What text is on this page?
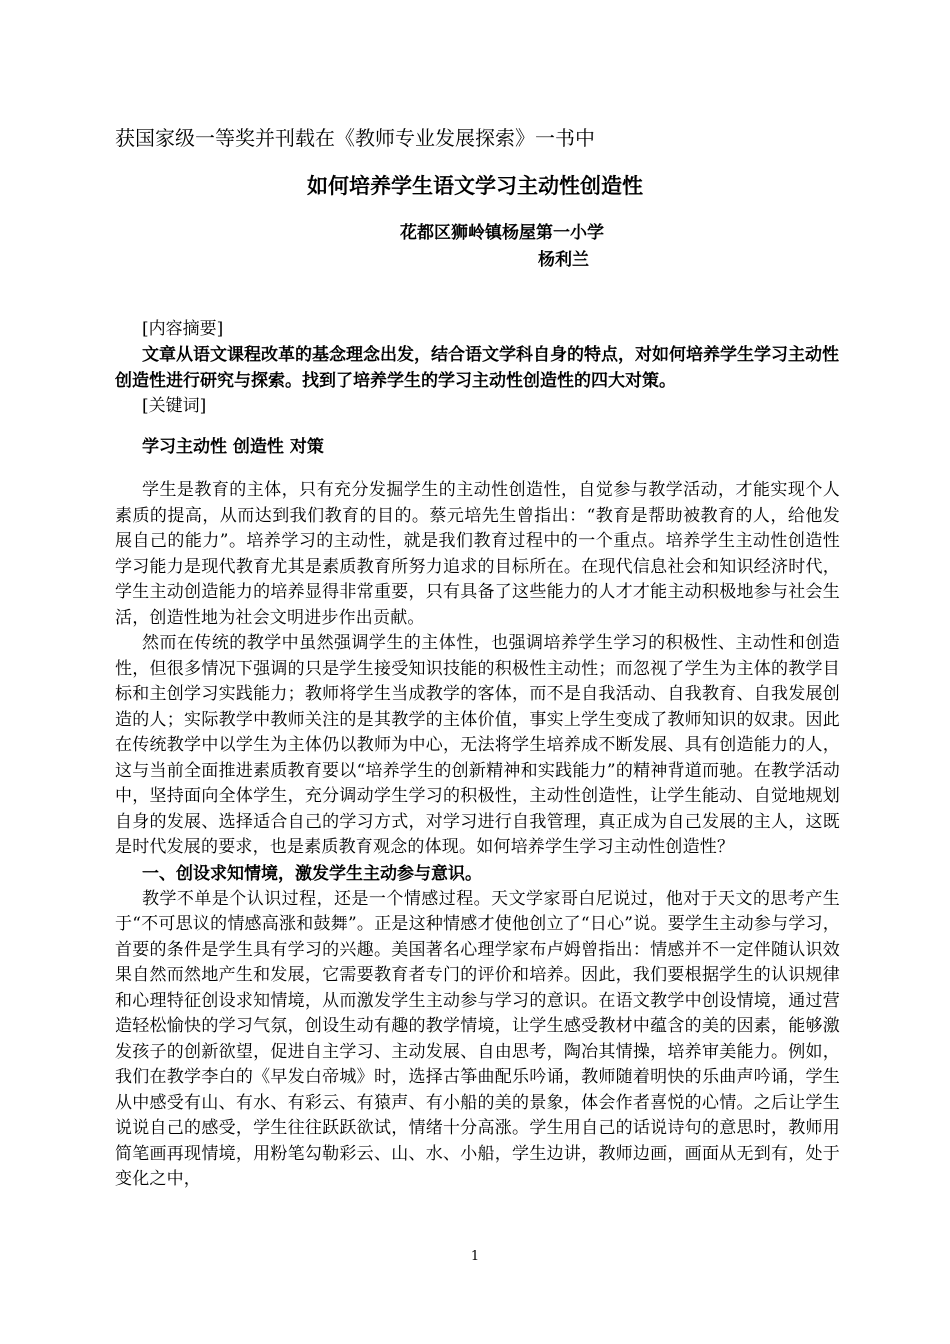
获国家级一等奖并刊载在《教师专业发展探索》一书中

如何培养学生语文学习主动性创造性
花都区狮岭镇杨屋第一小学
杨利兰
[内容摘要]

文章从语文课程改革的基念理念出发，结合语文学科自身的特点，对如何培养学生学习主动性创造性进行研究与探索。找到了培养学生的学习主动性创造性的四大对策。

[关键词]
学习主动性 创造性 对策

学生是教育的主体，只有充分发掘学生的主动性创造性，自觉参与教学活动，才能实现个人素质的提高，从而达到我们教育的目的。蔡元培先生曾指出：“教育是帮助被教育的人，给他发展自己的能力”。培养学习的主动性，就是我们教育过程中的一个重点。培养学生主动性创造性学习能力是现代教育尤其是素质教育所努力追求的目标所在。在现代信息社会和知识经济时代，学生主动创造能力的培养显得非常重要，只有具备了这些能力的人才才能主动积极地参与社会生活，创造性地为社会文明进步作出贡献。

然而在传统的教学中虽然强调学生的主体性，也强调培养学生学习的积极性、主动性和创造性，但很多情况下强调的只是学生接受知识技能的积极性主动性；而忽视了学生为主体的教学目标和主创学习实践能力；教师将学生当成教学的客体，而不是自我活动、自我教育、自我发展创造的人；实际教学中教师关注的是其教学的主体价值，事实上学生变成了教师知识的奴隶。因此在传统教学中以学生为主体仍以教师为中心，无法将学生培养成不断发展、具有创造能力的人，这与当前全面推进素质教育要以“培养学生的创新精神和实践能力”的精神背道而驰。在教学活动中，坚持面向全体学生，充分调动学生学习的积极性，主动性创造性，让学生能动、自觉地规划自身的发展、选择适合自己的学习方式，对学习进行自我管理，真正成为自己发展的主人，这既是时代发展的要求，也是素质教育观念的体现。如何培养学生学习主动性创造性？

一、创设求知情境，激发学生主动参与意识。

教学不单是个认识过程，还是一个情感过程。天文学家哥白尼说过，他对于天文的思考产生于“不可思议的情感高涨和鼓舞”。正是这种情感才使他创立了“日心”说。要学生主动参与学习，首要的条件是学生具有学习的兴趣。美国著名心理学家布卢姆曾指出：情感并不一定伴随认识效果自然而然地产生和发展，它需要教育者专门的评价和培养。因此，我们要根据学生的认识规律和心理特征创设求知情境，从而激发学生主动参与学习的意识。在语文教学中创设情境，通过营造轻松愉快的学习气氛，创设生动有趣的教学情境，让学生感受教材中蕴含的美的因素，能够激发孩子的创新欲望，促进自主学习、主动发展、自由思考，陶冶其情操，培养审美能力。例如，我们在教学李白的《早发白帝城》时，选择古筝曲配乐吟诵，教师随着明快的乐曲声吟诵，学生从中感受有山、有水、有彩云、有猿声、有小船的美的景象，体会作者喜悦的心情。之后让学生说说自己的感受，学生往往跃跃欲试，情绪十分高涨。学生用自己的话说诗句的意思时，教师用简笔画再现情境，用粉笔勾勒彩云、山、水、小船，学生边讲，教师边画，画面从无到有，处于变化之中，

1
